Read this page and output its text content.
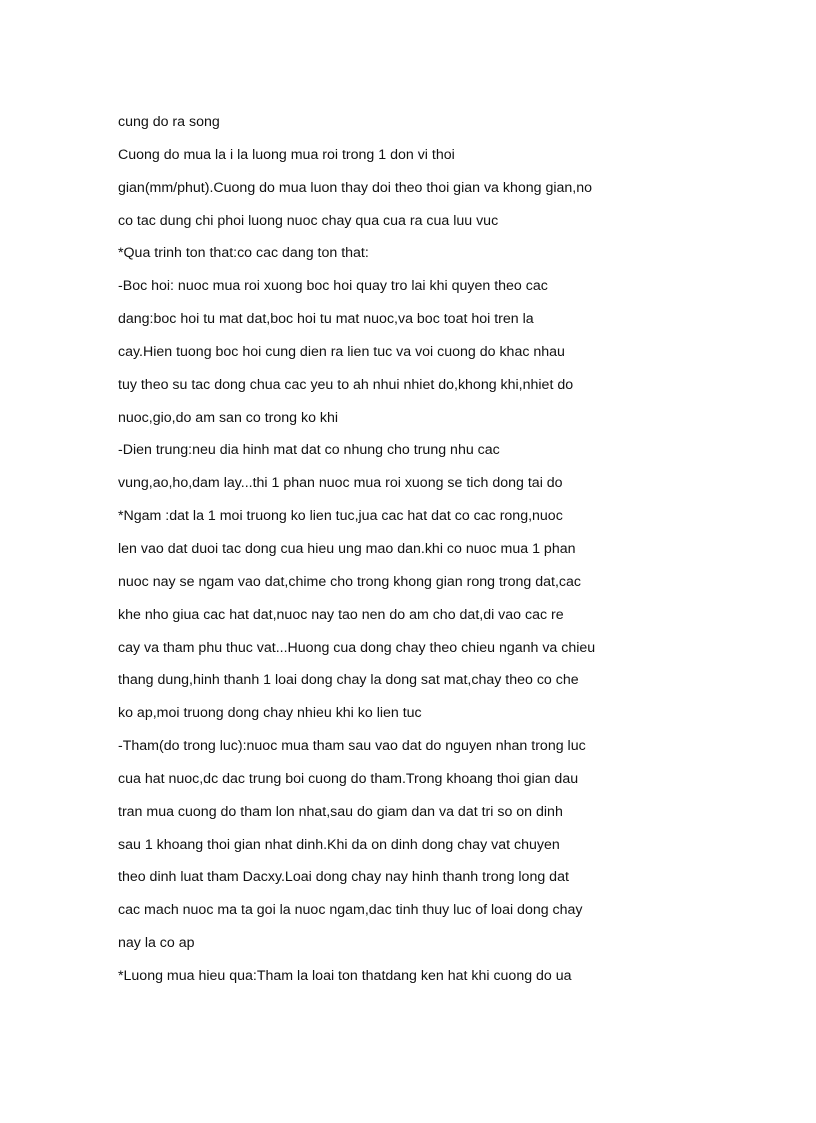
cung do ra song
Cuong do mua la i la luong mua roi trong 1 don vi thoi
gian(mm/phut).Cuong do mua luon thay doi theo thoi gian va khong gian,no
co tac dung chi phoi luong nuoc chay qua cua ra cua luu vuc
*Qua trinh ton that:co cac dang ton that:
-Boc hoi: nuoc mua roi xuong boc hoi quay tro lai khi quyen theo cac
dang:boc hoi tu mat dat,boc hoi tu mat nuoc,va boc toat hoi tren la
cay.Hien tuong boc hoi cung dien ra lien tuc va voi cuong do khac nhau
tuy theo su tac dong chua cac yeu to ah nhui nhiet do,khong khi,nhiet do
nuoc,gio,do am san co trong ko khi
-Dien trung:neu dia hinh mat dat co nhung cho trung nhu cac
vung,ao,ho,dam lay...thi 1 phan nuoc mua roi xuong se tich dong tai do
*Ngam :dat la 1 moi truong ko lien tuc,jua cac hat dat co cac rong,nuoc
len vao dat duoi tac dong cua hieu ung mao dan.khi co nuoc mua 1 phan
nuoc nay se ngam vao dat,chime cho trong khong gian rong trong dat,cac
khe nho giua cac hat dat,nuoc nay tao nen do am cho dat,di vao cac re
cay va tham phu thuc vat...Huong cua dong chay theo chieu nganh va chieu
thang dung,hinh thanh 1 loai dong chay la dong sat mat,chay theo co che
ko ap,moi truong dong chay nhieu khi ko lien tuc
-Tham(do trong luc):nuoc mua tham sau vao dat do nguyen nhan trong luc
cua hat nuoc,dc dac trung boi cuong do tham.Trong khoang thoi gian dau
tran mua cuong do tham lon nhat,sau do giam dan va dat tri so on dinh
sau 1 khoang thoi gian nhat dinh.Khi da on dinh dong chay vat chuyen
theo dinh luat tham Dacxy.Loai dong chay nay hinh thanh trong long dat
cac mach nuoc ma ta goi la nuoc ngam,dac tinh thuy luc of loai dong chay
nay la co ap
*Luong mua hieu qua:Tham la loai ton thatdang ken hat khi cuong do ua
